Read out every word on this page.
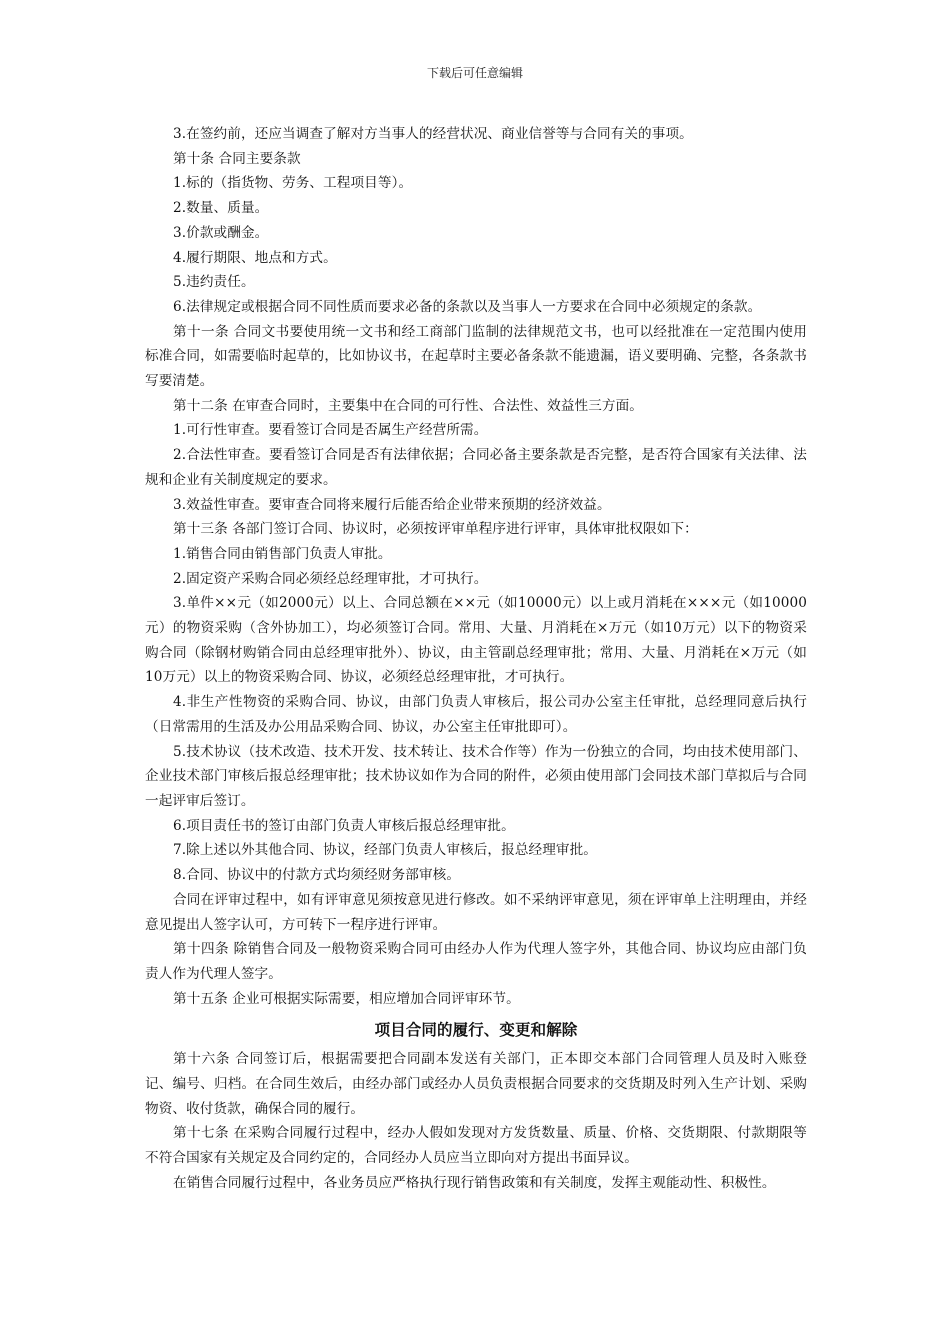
下载后可任意编辑

3.在签约前，还应当调查了解对方当事人的经营状况、商业信誉等与合同有关的事项。

第十条 合同主要条款

1.标的（指货物、劳务、工程项目等）。

2.数量、质量。

3.价款或酬金。

4.履行期限、地点和方式。

5.违约责任。

6.法律规定或根据合同不同性质而要求必备的条款以及当事人一方要求在合同中必须规定的条款。

第十一条 合同文书要使用统一文书和经工商部门监制的法律规范文书，也可以经批准在一定范围内使用标准合同，如需要临时起草的，比如协议书，在起草时主要必备条款不能遗漏，语义要明确、完整，各条款书写要清楚。

第十二条 在审查合同时，主要集中在合同的可行性、合法性、效益性三方面。

1.可行性审查。要看签订合同是否属生产经营所需。

2.合法性审查。要看签订合同是否有法律依据；合同必备主要条款是否完整，是否符合国家有关法律、法规和企业有关制度规定的要求。

3.效益性审查。要审查合同将来履行后能否给企业带来预期的经济效益。

第十三条 各部门签订合同、协议时，必须按评审单程序进行评审，具体审批权限如下：

1.销售合同由销售部门负责人审批。

2.固定资产采购合同必须经总经理审批，才可执行。

3.单件××元（如2000元）以上、合同总额在××元（如10000元）以上或月消耗在×××元（如10000元）的物资采购（含外协加工），均必须签订合同。常用、大量、月消耗在×万元（如10万元）以下的物资采购合同（除钢材购销合同由总经理审批外）、协议，由主管副总经理审批；常用、大量、月消耗在×万元（如10万元）以上的物资采购合同、协议，必须经总经理审批，才可执行。

4.非生产性物资的采购合同、协议，由部门负责人审核后，报公司办公室主任审批，总经理同意后执行（日常需用的生活及办公用品采购合同、协议，办公室主任审批即可）。

5.技术协议（技术改造、技术开发、技术转让、技术合作等）作为一份独立的合同，均由技术使用部门、企业技术部门审核后报总经理审批；技术协议如作为合同的附件，必须由使用部门会同技术部门草拟后与合同一起评审后签订。

6.项目责任书的签订由部门负责人审核后报总经理审批。

7.除上述以外其他合同、协议，经部门负责人审核后，报总经理审批。

8.合同、协议中的付款方式均须经财务部审核。

合同在评审过程中，如有评审意见须按意见进行修改。如不采纳评审意见，须在评审单上注明理由，并经意见提出人签字认可，方可转下一程序进行评审。

第十四条 除销售合同及一般物资采购合同可由经办人作为代理人签字外，其他合同、协议均应由部门负责人作为代理人签字。

第十五条 企业可根据实际需要，相应增加合同评审环节。

项目合同的履行、变更和解除

第十六条 合同签订后，根据需要把合同副本发送有关部门，正本即交本部门合同管理人员及时入账登记、编号、归档。在合同生效后，由经办部门或经办人员负责根据合同要求的交货期及时列入生产计划、采购物资、收付货款，确保合同的履行。

第十七条 在采购合同履行过程中，经办人假如发现对方发货数量、质量、价格、交货期限、付款期限等不符合国家有关规定及合同约定的，合同经办人员应当立即向对方提出书面异议。

在销售合同履行过程中，各业务员应严格执行现行销售政策和有关制度，发挥主观能动性、积极性。
